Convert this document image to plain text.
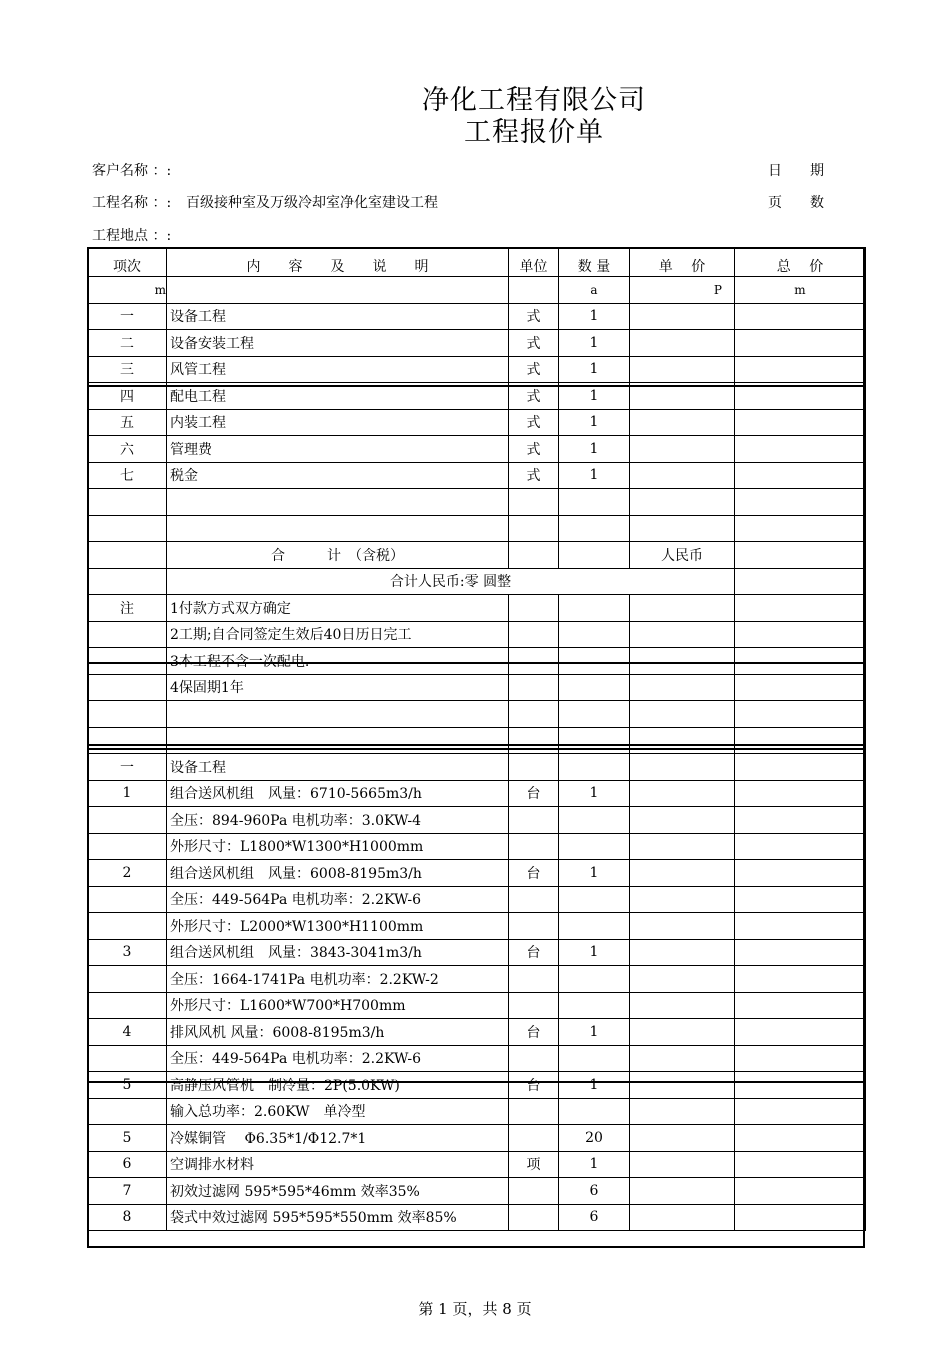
净化工程有限公司
工程报价单
客户名称 ：:
工程名称 ：: 百级接种室及万级冷却室净化室建设工程
工程地点 ：:
日　　期
页　　数
项次	内　　容　　及　　说　　明	单位	数 量	单　 价	总　 价
m			a	P	m
一	设备工程	式	1		
二	设备安装工程	式	1		
三	风管工程	式	1		
四	配电工程	式	1		
五	内装工程	式	1		
六	管理费	式	1		
七	税金	式	1		

	合　　　计　（含税）			人民币	
	合计人民币:零 圆整				
注	1付款方式双方确定				
	2工期;自合同签定生效后40日历日完工				
	3本工程不含一次配电.				
	4保固期1年				

一	设备工程				
1	组合送风机组　风量：6710-5665m3/h	台	1		
	全压：894-960Pa 电机功率：3.0KW-4				
	外形尺寸：L1800*W1300*H1000mm				
2	组合送风机组　风量：6008-8195m3/h	台	1		
	全压：449-564Pa 电机功率：2.2KW-6				
	外形尺寸：L2000*W1300*H1100mm				
3	组合送风机组　风量：3843-3041m3/h	台	1		
	全压：1664-1741Pa 电机功率：2.2KW-2				
	外形尺寸：L1600*W700*H700mm				
4	排风风机 风量：6008-8195m3/h	台	1		
	全压：449-564Pa 电机功率：2.2KW-6				
5	高静压风管机　制冷量：2P(5.0KW)	台	1		
	输入总功率：2.60KW　单冷型				
5	冷媒铜管　 Φ6.35*1/Φ12.7*1		20		
6	空调排水材料	项	1		
7	初效过滤网 595*595*46mm 效率35%		6		
8	袋式中效过滤网 595*595*550mm 效率85%		6		
第 1 页，共 8 页
